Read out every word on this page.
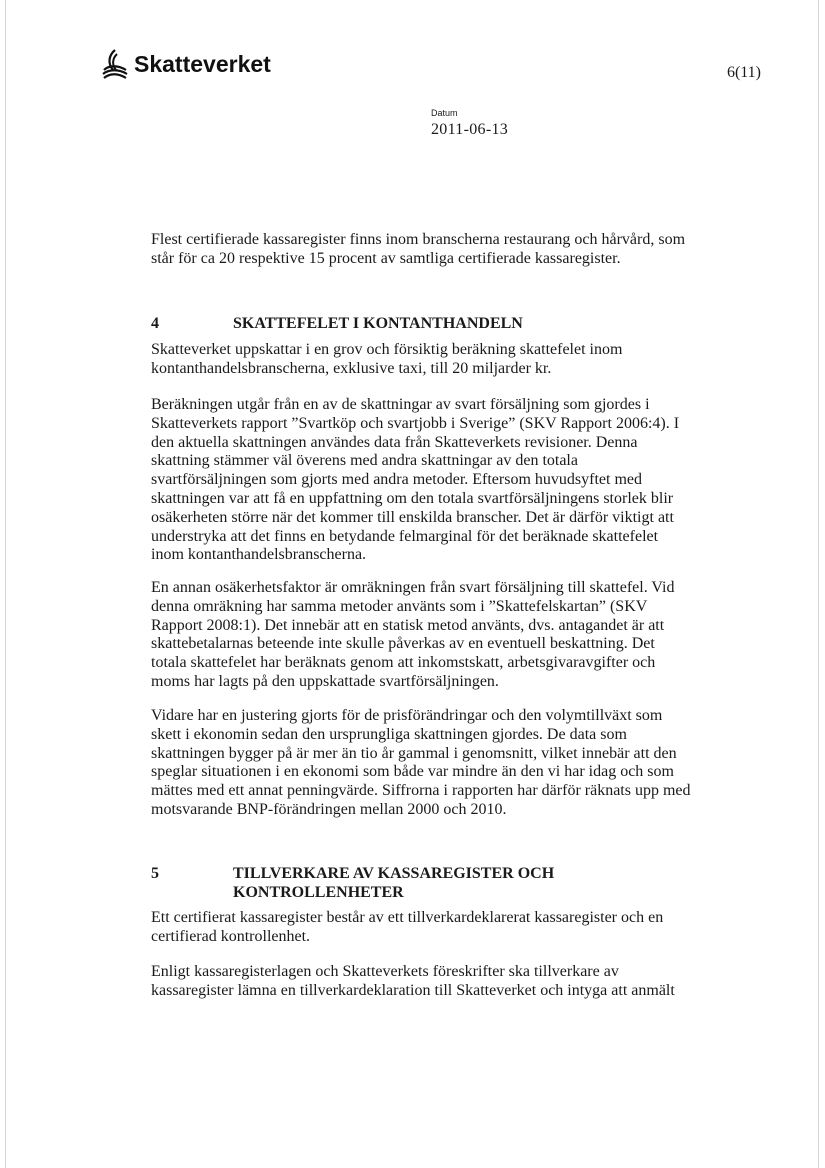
Skatteverket	6(11)
Datum
2011-06-13

Flest certifierade kassaregister finns inom branscherna restaurang och hårvård, som står för ca 20 respektive 15 procent av samtliga certifierade kassaregister.

4	SKATTEFELET I KONTANTHANDELN

Skatteverket uppskattar i en grov och försiktig beräkning skattefelet inom kontanthandelsbranscherna, exklusive taxi, till 20 miljarder kr.

Beräkningen utgår från en av de skattningar av svart försäljning som gjordes i Skatteverkets rapport ”Svartköp och svartjobb i Sverige” (SKV Rapport 2006:4). I den aktuella skattningen användes data från Skatteverkets revisioner. Denna skattning stämmer väl överens med andra skattningar av den totala svartförsäljningen som gjorts med andra metoder. Eftersom huvudsyftet med skattningen var att få en uppfattning om den totala svartförsäljningens storlek blir osäkerheten större när det kommer till enskilda branscher. Det är därför viktigt att understryka att det finns en betydande felmarginal för det beräknade skattefelet inom kontanthandelsbranscherna.

En annan osäkerhetsfaktor är omräkningen från svart försäljning till skattefel. Vid denna omräkning har samma metoder använts som i ”Skattefelskartan” (SKV Rapport 2008:1). Det innebär att en statisk metod använts, dvs. antagandet är att skattebetalarnas beteende inte skulle påverkas av en eventuell beskattning. Det totala skattefelet har beräknats genom att inkomstskatt, arbetsgivaravgifter och moms har lagts på den uppskattade svartförsäljningen.

Vidare har en justering gjorts för de prisförändringar och den volymtillväxt som skett i ekonomin sedan den ursprungliga skattningen gjordes. De data som skattningen bygger på är mer än tio år gammal i genomsnitt, vilket innebär att den speglar situationen i en ekonomi som både var mindre än den vi har idag och som mättes med ett annat penningvärde. Siffrorna i rapporten har därför räknats upp med motsvarande BNP-förändringen mellan 2000 och 2010.

5	TILLVERKARE AV KASSAREGISTER OCH KONTROLLENHETER

Ett certifierat kassaregister består av ett tillverkardeklarerat kassaregister och en certifierad kontrollenhet.

Enligt kassaregisterlagen och Skatteverkets föreskrifter ska tillverkare av kassaregister lämna en tillverkardeklaration till Skatteverket och intyga att anmält
